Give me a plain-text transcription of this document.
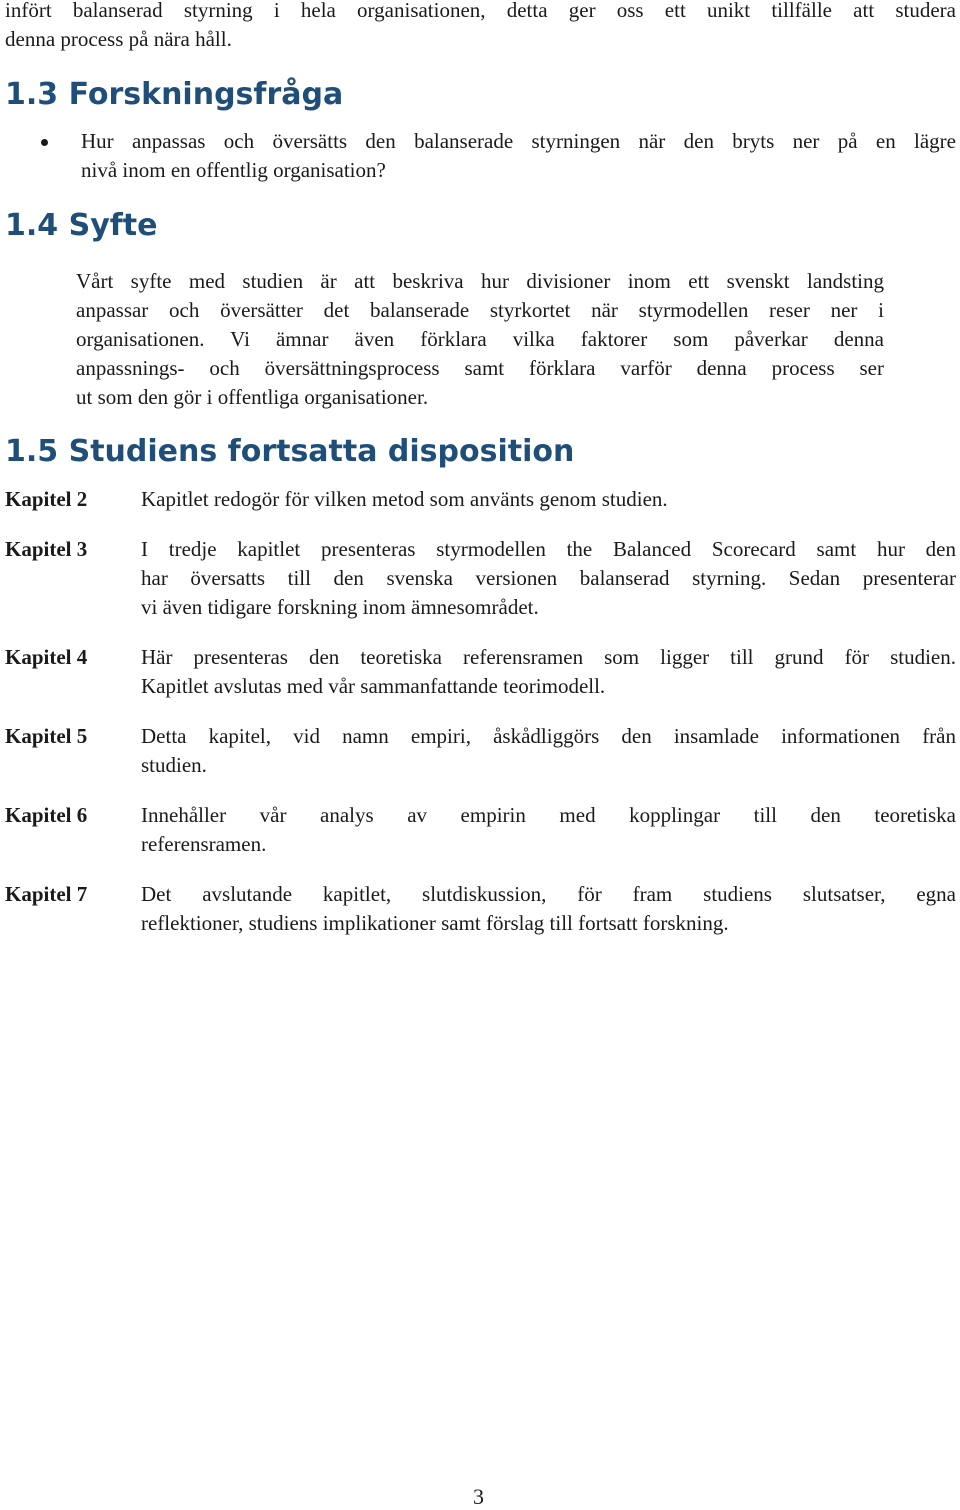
infört balanserad styrning i hela organisationen, detta ger oss ett unikt tillfälle att studera
denna process på nära håll.
1.3 Forskningsfråga
Hur anpassas och översätts den balanserade styrningen när den bryts ner på en lägre
nivå inom en offentlig organisation?
1.4 Syfte
Vårt syfte med studien är att beskriva hur divisioner inom ett svenskt landsting
anpassar och översätter det balanserade styrkortet när styrmodellen reser ner i
organisationen. Vi ämnar även förklara vilka faktorer som påverkar denna
anpassnings- och översättningsprocess samt förklara varför denna process ser
ut som den gör i offentliga organisationer.
1.5 Studiens fortsatta disposition
Kapitel 2	Kapitlet redogör för vilken metod som använts genom studien.
Kapitel 3	I tredje kapitlet presenteras styrmodellen the Balanced Scorecard samt hur den
har översatts till den svenska versionen balanserad styrning. Sedan presenterar
vi även tidigare forskning inom ämnesområdet.
Kapitel 4	Här presenteras den teoretiska referensramen som ligger till grund för studien.
Kapitlet avslutas med vår sammanfattande teorimodell.
Kapitel 5	Detta kapitel, vid namn empiri, åskådliggörs den insamlade informationen från
studien.
Kapitel 6	Innehåller vår analys av empirin med kopplingar till den teoretiska
referensramen.
Kapitel 7	Det avslutande kapitlet, slutdiskussion, för fram studiens slutsatser, egna
reflektioner, studiens implikationer samt förslag till fortsatt forskning.
3
